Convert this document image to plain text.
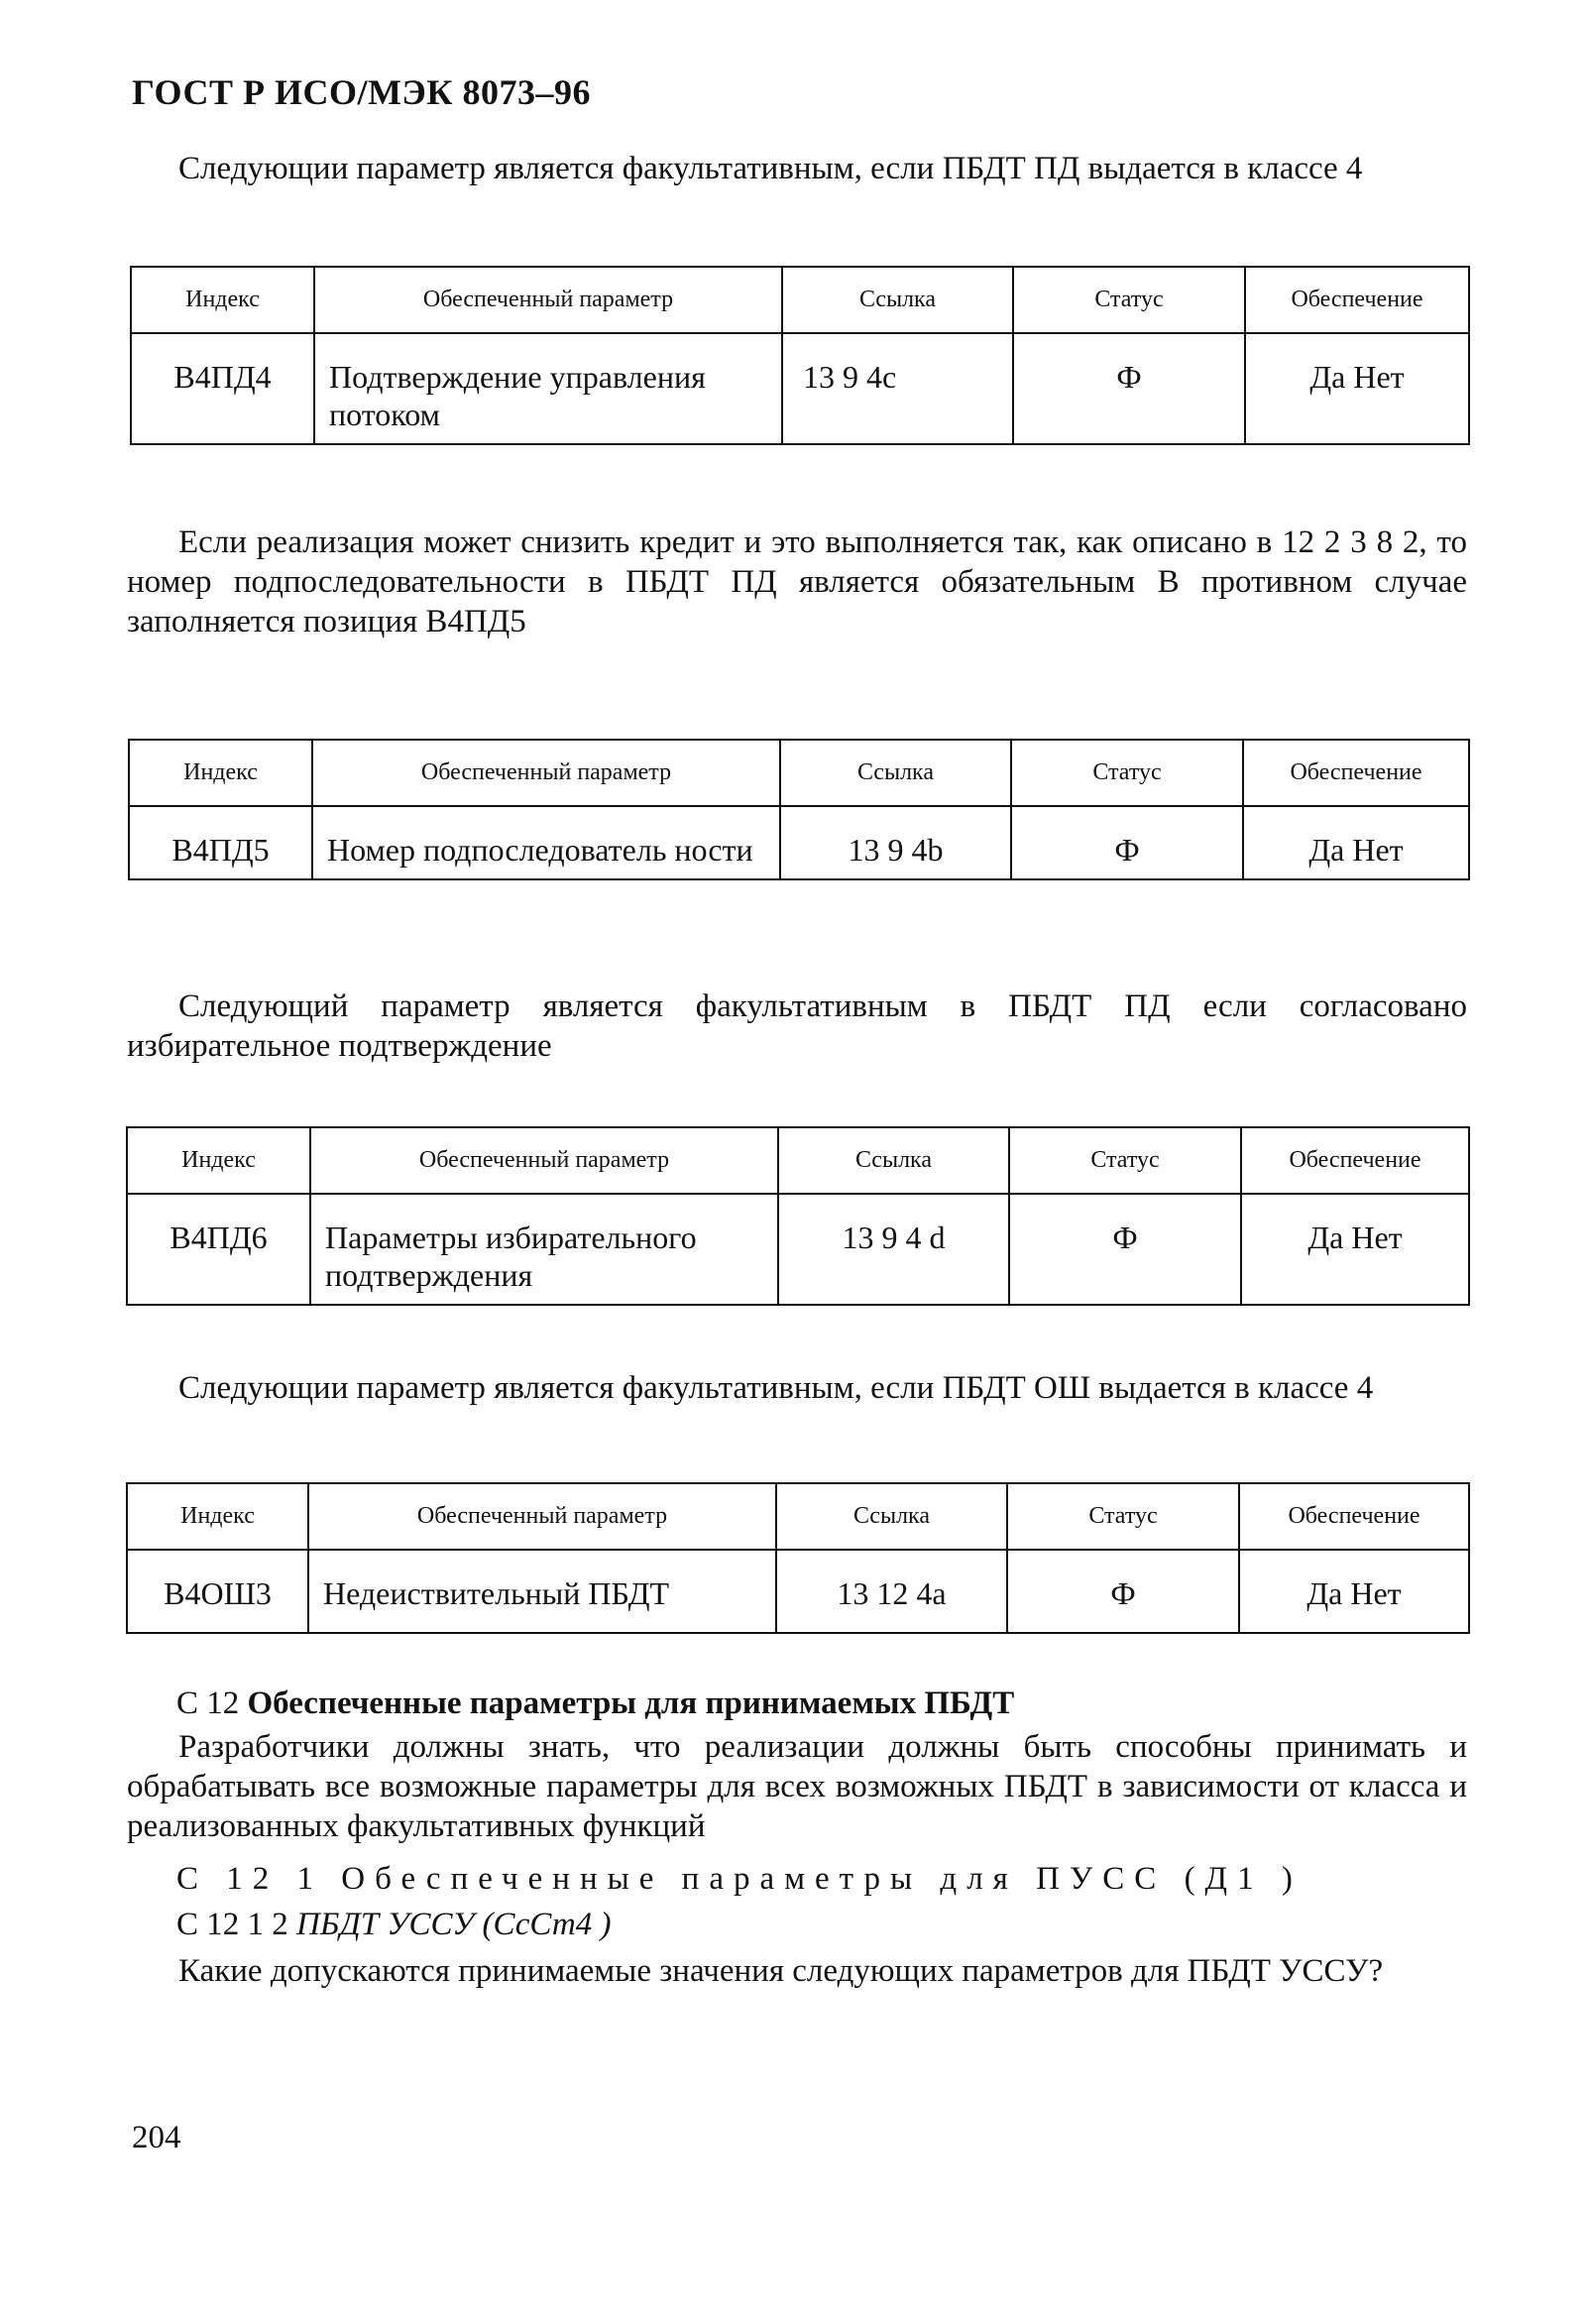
ГОСТ Р ИСО/МЭК 8073–96
Следующии параметр является факультативным, если ПБДТ ПД выдается в классе 4
Индекс	Обеспеченный параметр	Ссылка	Статус	Обеспечение
В4ПД4	Подтверждение управления потоком	13 9 4c	Ф	Да Нет
Если реализация может снизить кредит и это выполняется так, как описано в 12 2 3 8 2, то номер подпоследовательности в ПБДТ ПД является обязательным В противном случае заполняется позиция В4ПД5
Индекс	Обеспеченный параметр	Ссылка	Статус	Обеспечение
В4ПД5	Номер подпоследователь ности	13 9 4b	Ф	Да Нет
Следующий параметр является факультативным в ПБДТ ПД если согласовано избирательное подтверждение
Индекс	Обеспеченный параметр	Ссылка	Статус	Обеспечение
В4ПД6	Параметры избирательного подтверждения	13 9 4 d	Ф	Да Нет
Следующии параметр является факультативным, если ПБДТ ОШ выдается в классе 4
Индекс	Обеспеченный параметр	Ссылка	Статус	Обеспечение
В4ОШ3	Недеиствительный ПБДТ	13 12 4a	Ф	Да Нет
С 12 Обеспеченные параметры для принимаемых ПБДТ
Разработчики должны знать, что реализации должны быть способны принимать и обрабатывать все возможные параметры для всех возможных ПБДТ в зависимости от класса и реализованных факультативных функций
С 12 1 Обеспеченные параметры для ПУСС (Д1 )
С 12 1 2 ПБДТ УССУ (СсСт4 )
Какие допускаются принимаемые значения следующих параметров для ПБДТ УССУ?
204
